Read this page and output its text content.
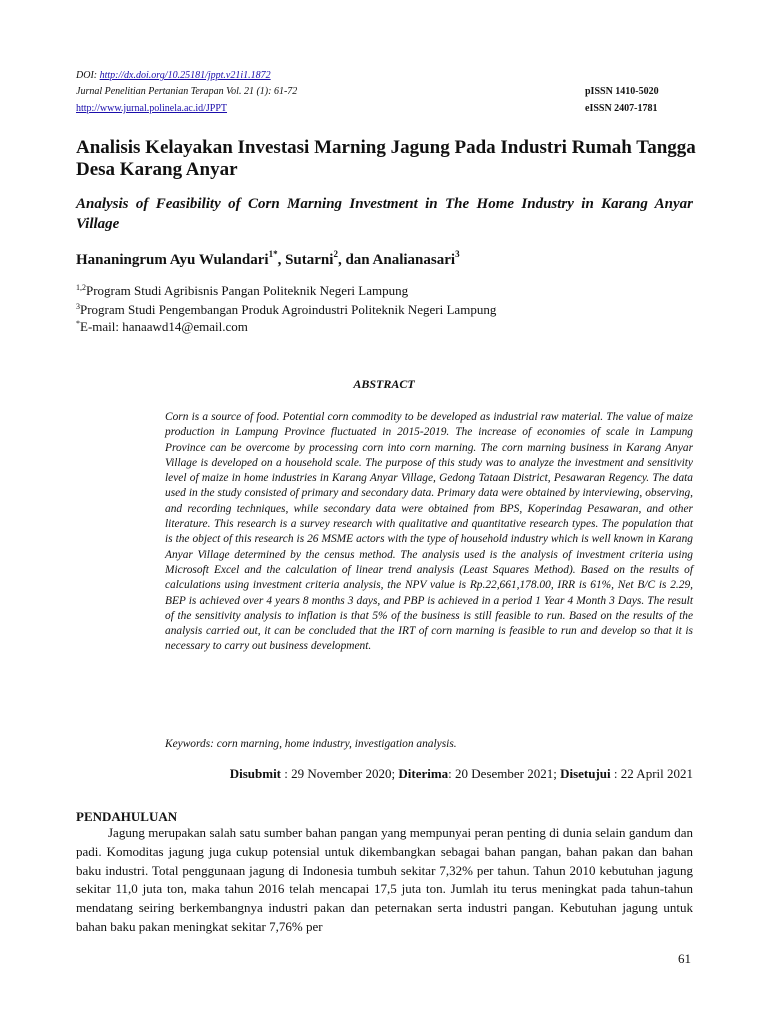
DOI: http://dx.doi.org/10.25181/jppt.v21i1.1872
Jurnal Penelitian Pertanian Terapan Vol. 21 (1): 61-72	pISSN 1410-5020
http://www.jurnal.polinela.ac.id/JPPT	eISSN 2407-1781
Analisis Kelayakan Investasi Marning Jagung Pada Industri Rumah Tangga Desa Karang Anyar
Analysis of Feasibility of Corn Marning Investment in The Home Industry in Karang Anyar Village
Hananingrum Ayu Wulandari$^{1*}$, Sutarni$^2$, dan Analianasari$^3$
$^{1,2}$Program Studi Agribisnis Pangan Politeknik Negeri Lampung
$^3$Program Studi Pengembangan Produk Agroindustri Politeknik Negeri Lampung
*E-mail: hanaawd14@email.com
ABSTRACT

Corn is a source of food. Potential corn commodity to be developed as industrial raw material. The value of maize production in Lampung Province fluctuated in 2015-2019. The increase of economies of scale in Lampung Province can be overcome by processing corn into corn marning. The corn marning business in Karang Anyar Village is developed on a household scale. The purpose of this study was to analyze the investment and sensitivity level of maize in home industries in Karang Anyar Village, Gedong Tataan District, Pesawaran Regency. The data used in the study consisted of primary and secondary data. Primary data were obtained by interviewing, observing, and recording techniques, while secondary data were obtained from BPS, Koperindag Pesawaran, and other literature. This research is a survey research with qualitative and quantitative research types. The population that is the object of this research is 26 MSME actors with the type of household industry which is well known in Karang Anyar Village determined by the census method. The analysis used is the analysis of investment criteria using Microsoft Excel and the calculation of linear trend analysis (Least Squares Method). Based on the results of calculations using investment criteria analysis, the NPV value is Rp.22,661,178.00, IRR is 61%, Net B/C is 2.29, BEP is achieved over 4 years 8 months 3 days, and PBP is achieved in a period 1 Year 4 Month 3 Days. The result of the sensitivity analysis to inflation is that 5% of the business is still feasible to run. Based on the results of the analysis carried out, it can be concluded that the IRT of corn marning is feasible to run and develop so that it is necessary to carry out business development.

Keywords: corn marning, home industry, investigation analysis.
Disubmit : 29 November 2020; Diterima: 20 Desember 2021; Disetujui : 22 April 2021
PENDAHULUAN

Jagung merupakan salah satu sumber bahan pangan yang mempunyai peran penting di dunia selain gandum dan padi. Komoditas jagung juga cukup potensial untuk dikembangkan sebagai bahan pangan, bahan pakan dan bahan baku industri. Total penggunaan jagung di Indonesia tumbuh sekitar 7,32% per tahun. Tahun 2010 kebutuhan jagung sekitar 11,0 juta ton, maka tahun 2016 telah mencapai 17,5 juta ton. Jumlah itu terus meningkat pada tahun-tahun mendatang seiring berkembangnya industri pakan dan peternakan serta industri pangan. Kebutuhan jagung untuk bahan baku pakan meningkat sekitar 7,76% per

61
